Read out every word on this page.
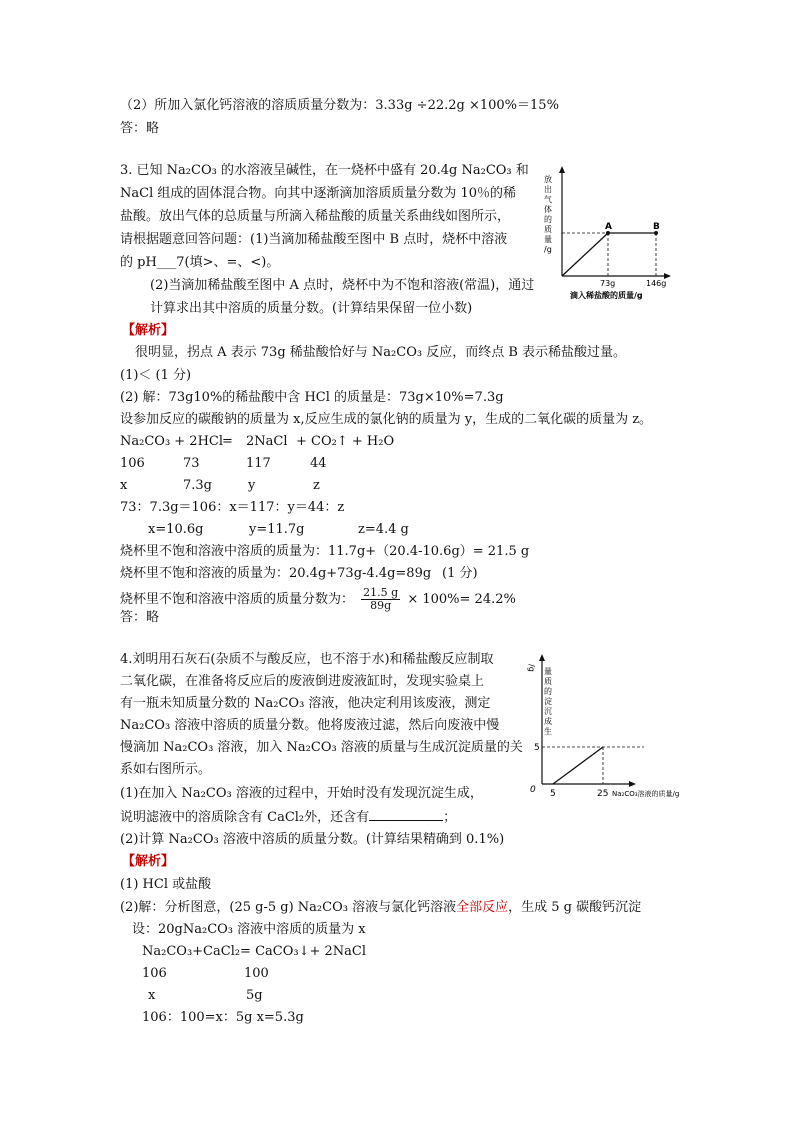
（2）所加入氯化钙溶液的溶质质量分数为：3.33g ÷22.2g ×100%＝15%
答：略
3. 已知 Na₂CO₃ 的水溶液呈碱性，在一烧杯中盛有 20.4g Na₂CO₃ 和
NaCl 组成的固体混合物。向其中逐渐滴加溶质质量分数为 10％的稀
盐酸。放出气体的总质量与所滴入稀盐酸的质量关系曲线如图所示，
请根据题意回答问题：(1)当滴加稀盐酸至图中 B 点时，烧杯中溶液
的 pH___7(填>、=、<)。
(2)当滴加稀盐酸至图中 A 点时，烧杯中为不饱和溶液(常温)，通过
计算求出其中溶质的质量分数。(计算结果保留一位小数)
放
出
气
体
的
质
量
/g
A	B
73g	146g
滴入稀盐酸的质量/g
【解析】
很明显，拐点 A 表示 73g 稀盐酸恰好与 Na₂CO₃ 反应，而终点 B 表示稀盐酸过量。
(1)＜ (1 分)
(2) 解：73g10%的稀盐酸中含 HCl 的质量是：73g×10%=7.3g
设参加反应的碳酸钠的质量为 x,反应生成的氯化钠的质量为 y，生成的二氧化碳的质量为 z。
Na₂CO₃ + 2HCl
= 2NaCl + CO₂↑ + H₂O
106	73	117	44
x	7.3g	y	z
73：7.3g＝106：x＝117：y＝44：z
x=10.6g	y=11.7g	z=4.4 g
烧杯里不饱和溶液中溶质的质量为：11.7g+（20.4-10.6g）= 21.5 g
烧杯里不饱和溶液的质量为：20.4g+73g-4.4g=89g (1 分)
烧杯里不饱和溶液中溶质的质量分数为： $\frac{21.5 g}{89g} \times 100\%= 24.2\%$
答：略
4.刘明用石灰石(杂质不与酸反应，也不溶于水)和稀盐酸反应制取
二氧化碳，在准备将反应后的废液倒进废液缸时，发现实验桌上
有一瓶未知质量分数的 Na₂CO₃ 溶液，他决定利用该废液，测定
Na₂CO₃ 溶液中溶质的质量分数。他将废液过滤，然后向废液中慢
慢滴加 Na₂CO₃ 溶液，加入 Na₂CO₃ 溶液的质量与生成沉淀质量的关
系如右图所示。
(1)在加入 Na₂CO₃ 溶液的过程中，开始时没有发现沉淀生成，
说明滤液中的溶质除含有 CaCl₂外，还含有	；
(2)计算 Na₂CO₃ 溶液中溶质的质量分数。(计算结果精确到 0.1%)
/g 量
质
的
淀
沉
成
生
5
0 5	25 Na₂CO₃溶液的质量/g
【解析】
(1) HCl 或盐酸
(2)解：分析图意，(25 g-5 g) Na₂CO₃ 溶液与氯化钙溶液全部反应，生成 5 g 碳酸钙沉淀
设：20gNa₂CO₃ 溶液中溶质的质量为 x
Na₂CO₃+CaCl₂= CaCO₃↓+ 2NaCl
106	100
x	5g
106：100=x：5g x=5.3g
